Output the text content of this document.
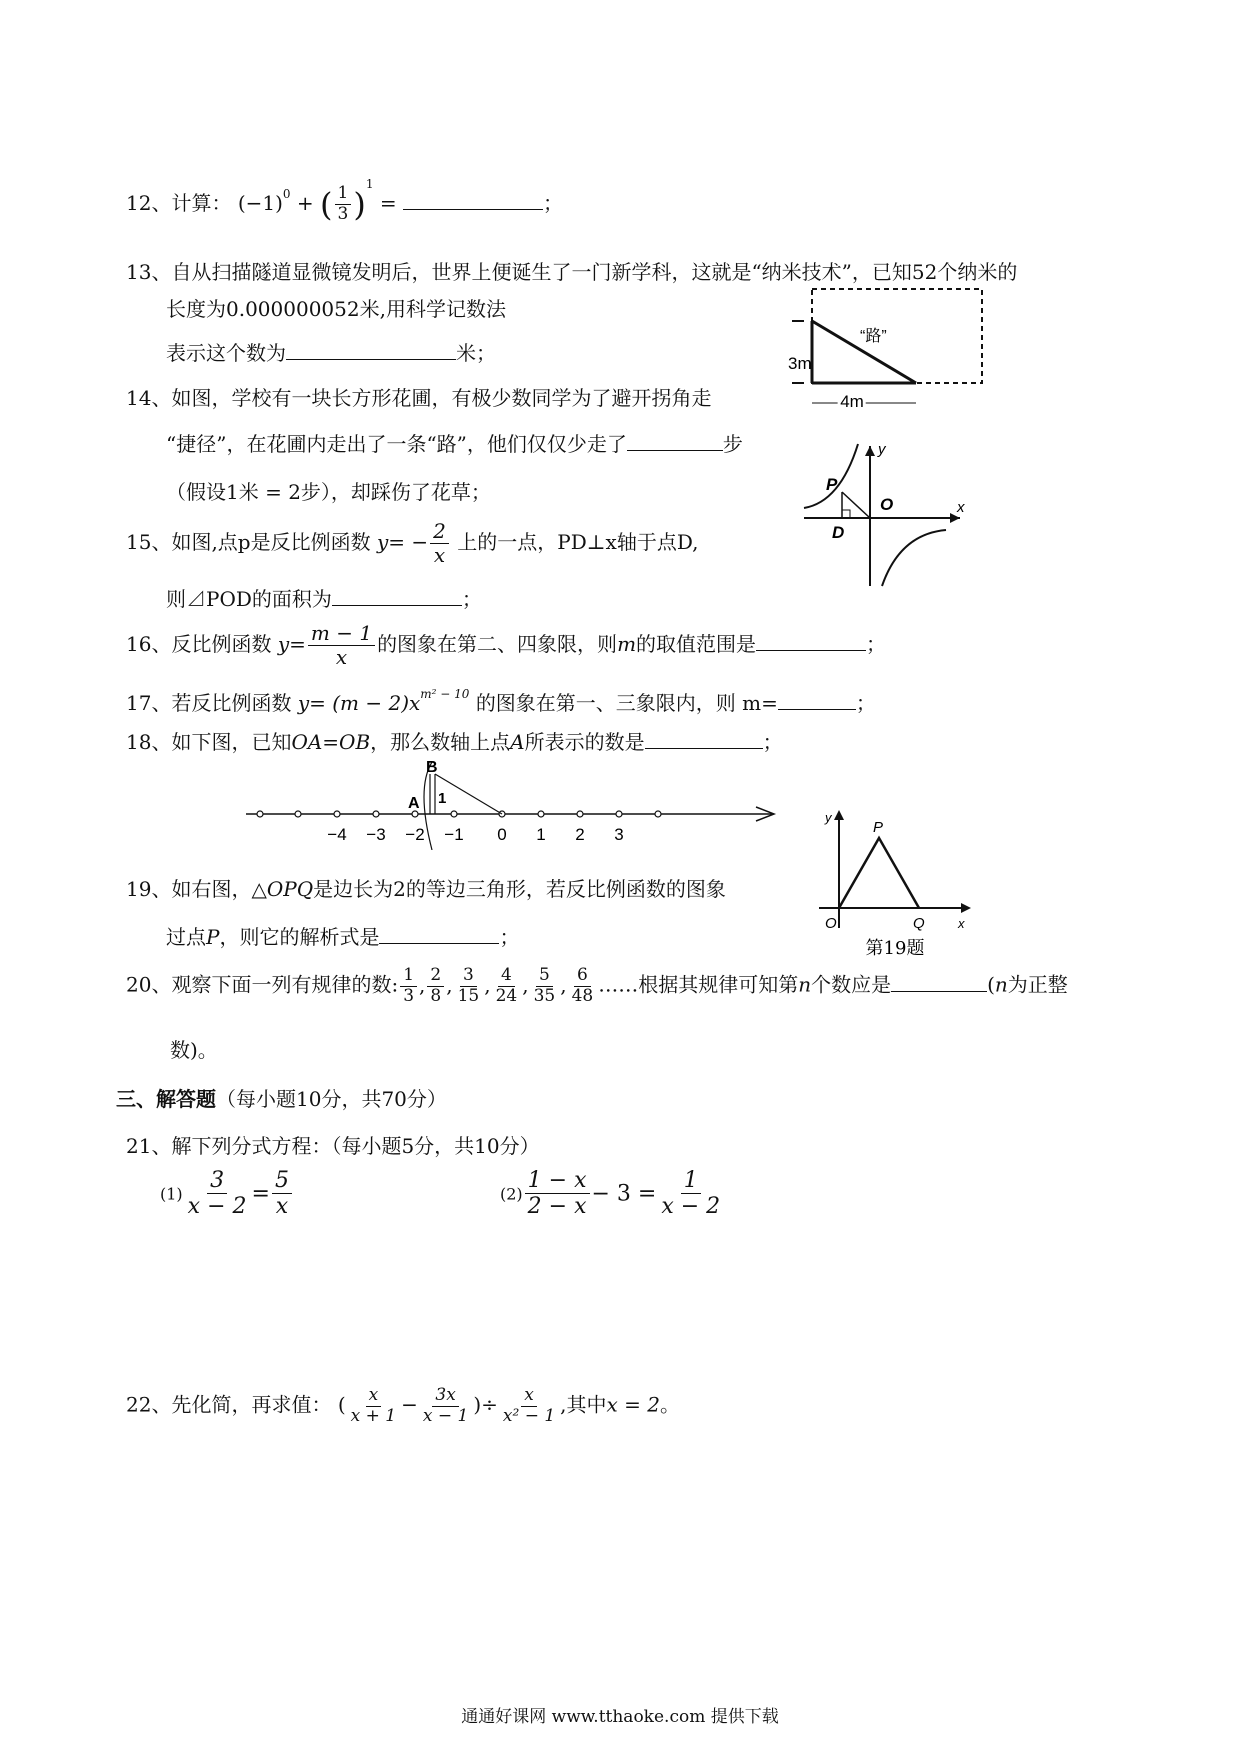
12、计算： $(-1)^0$ + ( $\frac{1}{3} )^1$ =	；
13、自从扫描隧道显微镜发明后，世界上便诞生了一门新学科，这就是“纳米技术”，已知52个纳米的
长度为0.000000052米,用科学记数法
表示这个数为	米；	3m
4m
“路”
14、如图，学校有一块长方形花圃，有极少数同学为了避开拐角走
“捷径”，在花圃内走出了一条“路”，他们仅仅少走了	步
（假设1米 = 2步），却踩伤了花草；	P
O
D
x
y
15、如图,点p是反比例函数 $y= - \frac{2}{x}$ 上的一点，PD⊥x轴于点D,
则⊿POD的面积为	；
16、反比例函数 $y= \frac{m - 1}{x}$ 的图象在第二、四象限，则m的取值范围是	；
17、若反比例函数 $y= (m - 2)x^{m^2 - 10}$ 的图象在第一、三象限内，则 m=	；
18、如下图，已知OA=OB，那么数轴上点A所表示的数是	；
B
1
A
−4 −3 −2 −1 0 1 2 3
y
P
O	Q	x
第19题
19、如右图，△OPQ是边长为2的等边三角形，若反比例函数的图象
过点P，则它的解析式是	；
20、观察下面一列有规律的数: $\frac{1}{3}$ , $\frac{2}{8}$ , $\frac{3}{15}$ , $\frac{4}{24}$ , $\frac{5}{35}$ , $\frac{6}{48}$ ……根据其规律可知第n个数应是	(n为正整
数)。
三、解答题（每小题10分，共70分）
21、解下列分式方程：（每小题5分，共10分）
$(1) \frac{3}{x - 2} = \frac{5}{x}$	$(2) \frac{1 - x}{2 - x} - 3 = \frac{1}{x - 2}$
22、先化简，再求值： ( $\frac{x}{x + 1} - \frac{3x}{x - 1}$ )÷ $\frac{x}{\text{x² − 1}}$ ,其中x = 2。
通通好课网 www.tthaoke.com 提供下载
